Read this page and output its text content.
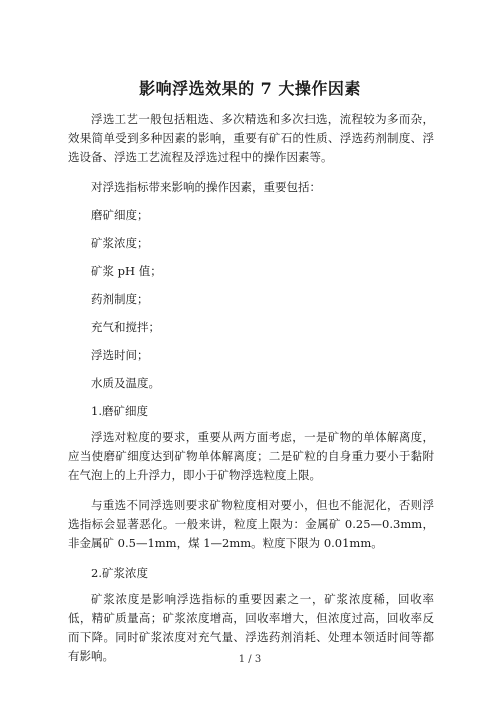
影响浮选效果的 7 大操作因素

浮选工艺一般包括粗选、多次精选和多次扫选，流程较为多而杂，效果简单受到多种因素的影响，重要有矿石的性质、浮选药剂制度、浮选设备、浮选工艺流程及浮选过程中的操作因素等。

对浮选指标带来影响的操作因素，重要包括：

磨矿细度；

矿浆浓度；

矿浆 pH 值；

药剂制度；

充气和搅拌；

浮选时间；

水质及温度。

1.磨矿细度

浮选对粒度的要求，重要从两方面考虑，一是矿物的单体解离度，应当使磨矿细度达到矿物单体解离度；二是矿粒的自身重力要小于黏附在气泡上的上升浮力，即小于矿物浮选粒度上限。

与重选不同浮选则要求矿物粒度相对要小，但也不能泥化，否则浮选指标会显著恶化。一般来讲，粒度上限为：金属矿 0.25—0.3mm，非金属矿 0.5—1mm，煤 1—2mm。粒度下限为 0.01mm。

2.矿浆浓度

矿浆浓度是影响浮选指标的重要因素之一，矿浆浓度稀，回收率低，精矿质量高；矿浆浓度增高，回收率增大，但浓度过高，回收率反而下降。同时矿浆浓度对充气量、浮选药剂消耗、处理本领适时间等都有影响。	1 / 3
